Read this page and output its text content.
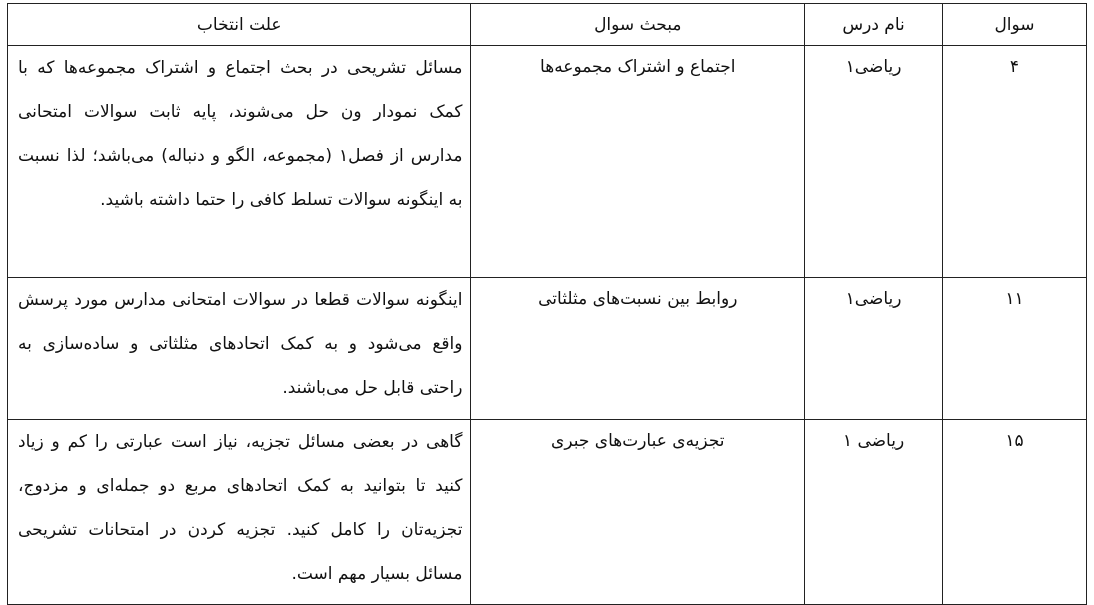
سوال	نام درس	مبحث سوال	علت انتخاب
۴	ریاضی۱	اجتماع و اشتراک مجموعه‌ها	مسائل تشریحی در بحث اجتماع و اشتراک مجموعه‌ها که با کمک نمودار ون حل می‌شوند، پایه ثابت سوالات امتحانی مدارس از فصل۱ (مجموعه، الگو و دنباله) می‌باشد؛ لذا نسبت به اینگونه سوالات تسلط کافی را حتما داشته باشید.
۱۱	ریاضی۱	روابط بین نسبت‌های مثلثاتی	اینگونه سوالات قطعا در سوالات امتحانی مدارس مورد پرسش واقع می‌شود و به کمک اتحادهای مثلثاتی و ساده‌سازی به راحتی قابل حل می‌باشند.
۱۵	ریاضی ۱	تجزیه‌ی عبارت‌های جبری	گاهی در بعضی مسائل تجزیه، نیاز است عبارتی را کم و زیاد کنید تا بتوانید به کمک اتحادهای مربع دو جمله‌ای و مزدوج، تجزیه‌تان را کامل کنید. تجزیه کردن در امتحانات تشریحی مسائل بسیار مهم است.
